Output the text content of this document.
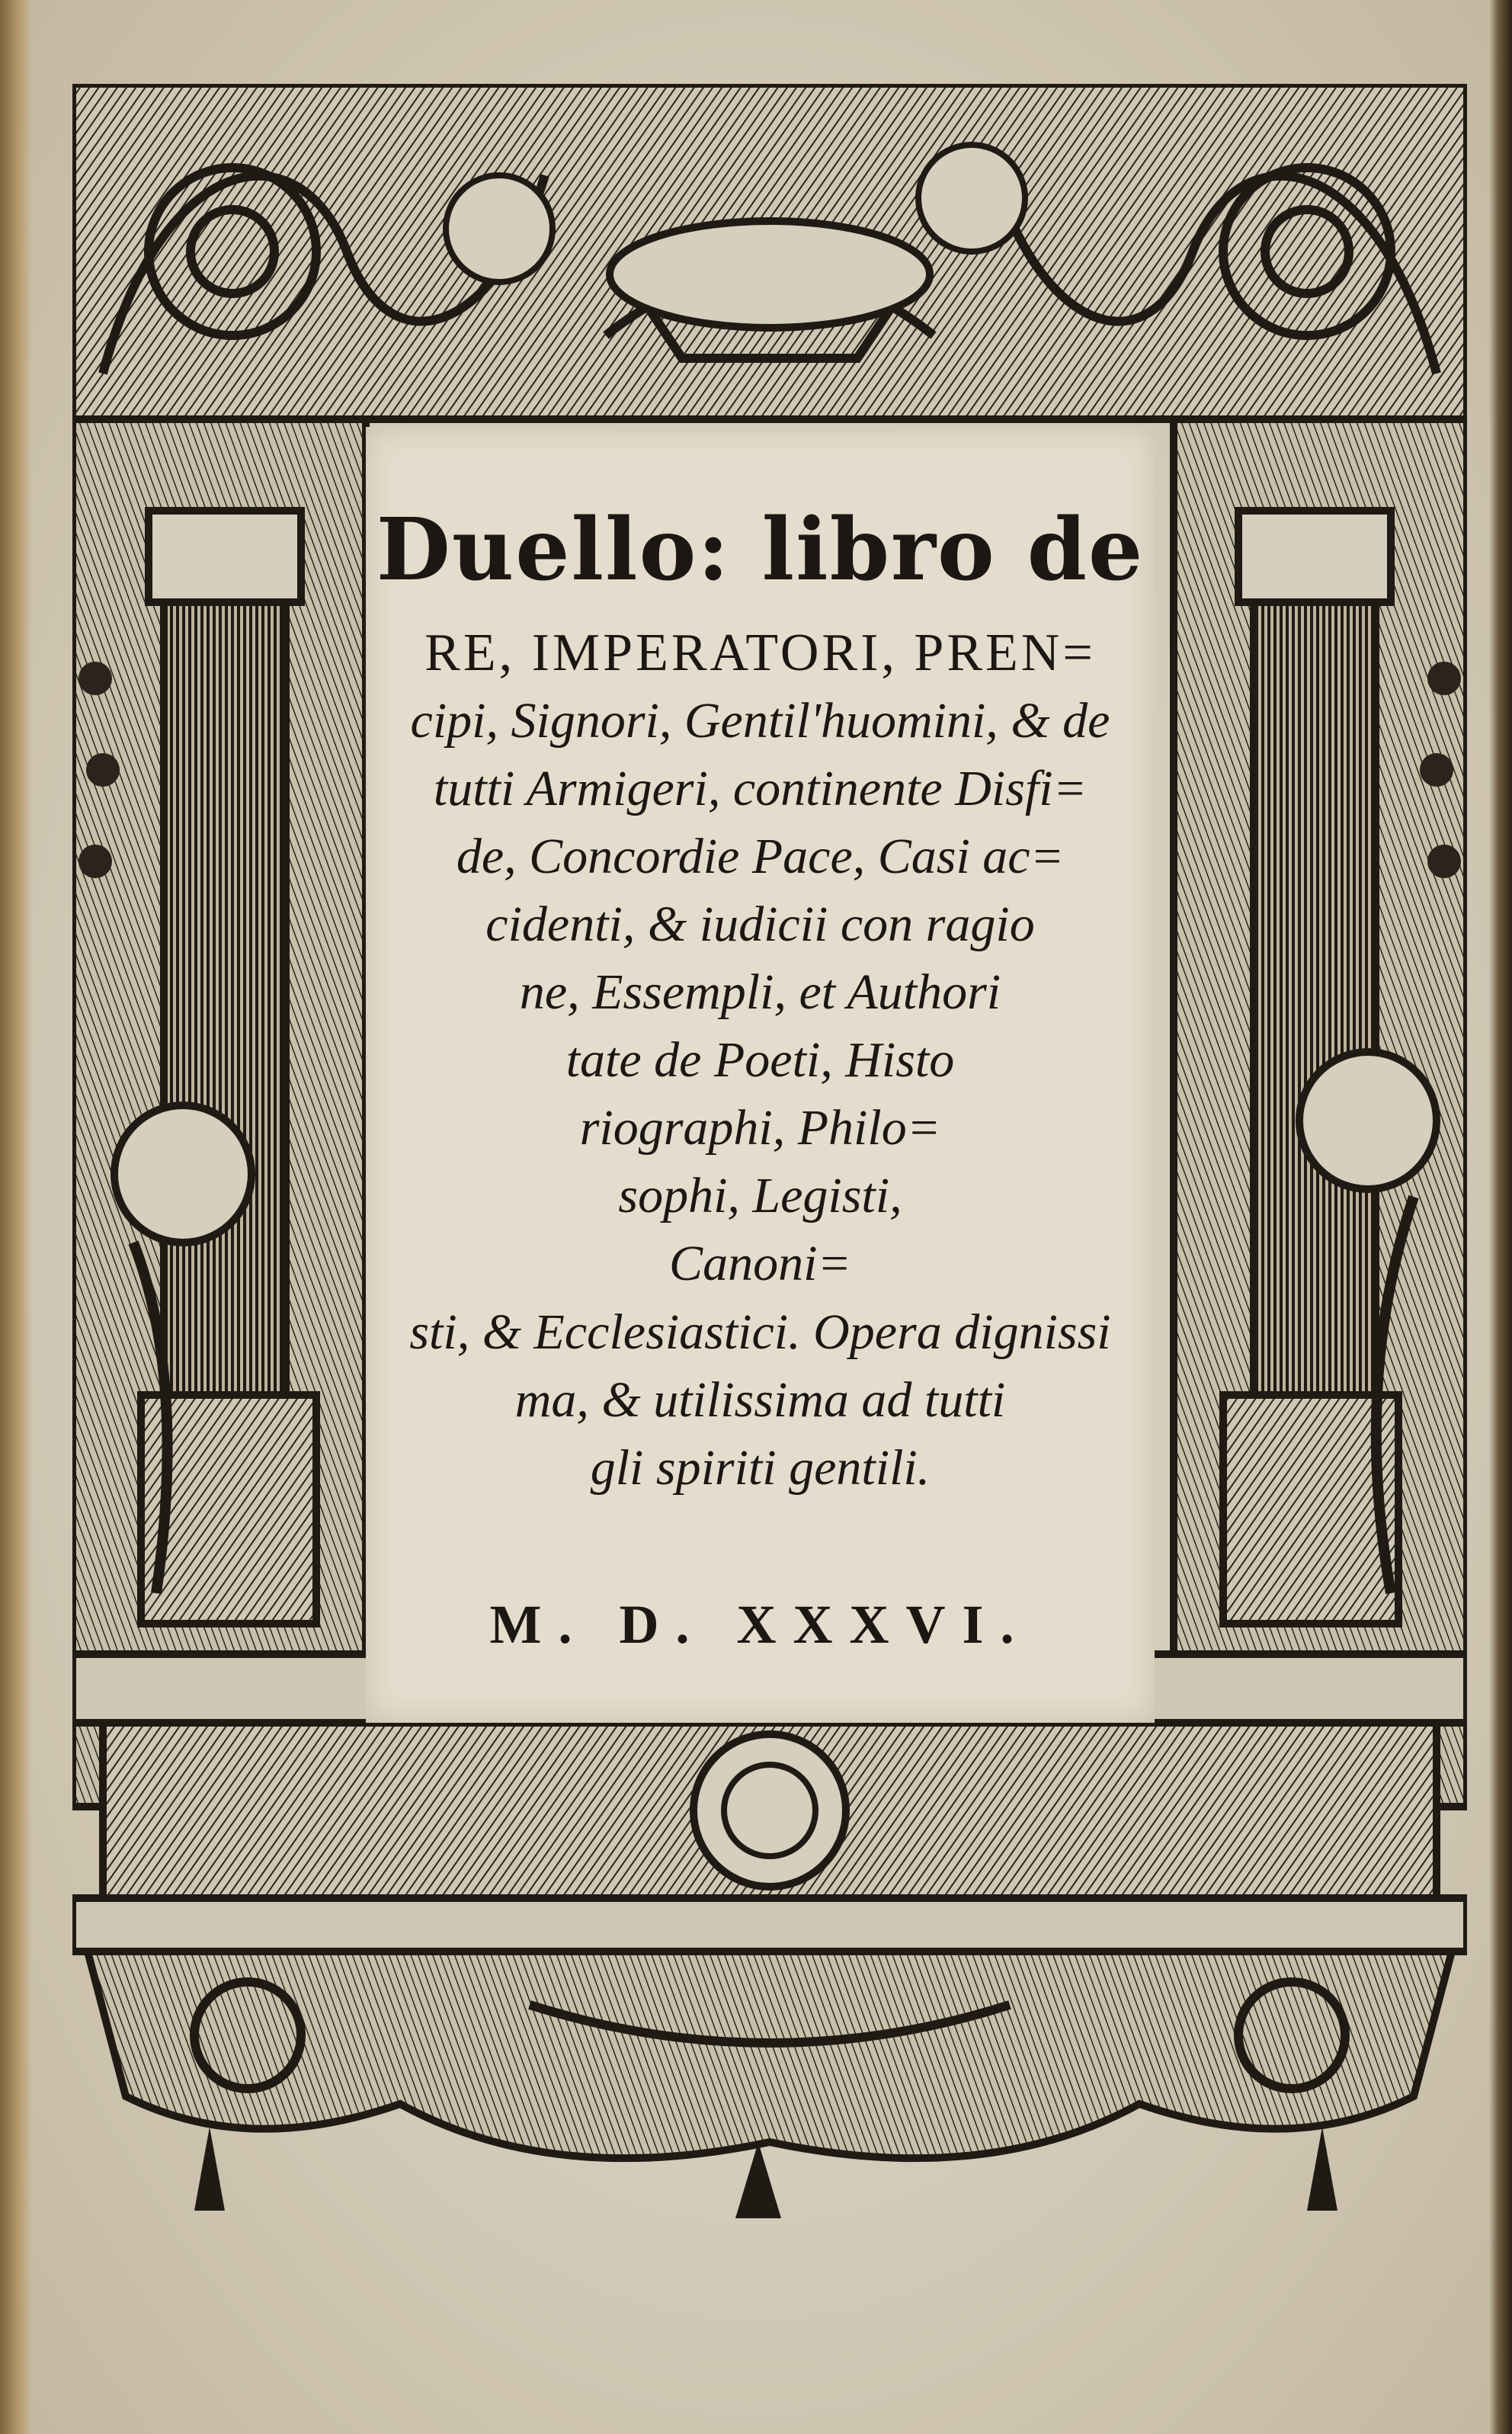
Duello: libro de
RE, IMPERATORI, PREN=
cipi, Signori, Gentil'huomini, & de
tutti Armigeri, continente Disfi=
de, Concordie Pace, Casi ac=
cidenti, & iudicii con ragio
ne, Essempli, et Authori
tate de Poeti, Histo
riographi, Philo=
sophi, Legisti,
Canoni=
sti, & Ecclesiastici. Opera dignissi
ma, & utilissima ad tutti
gli spiriti gentili.
M. D. XXXVI.
